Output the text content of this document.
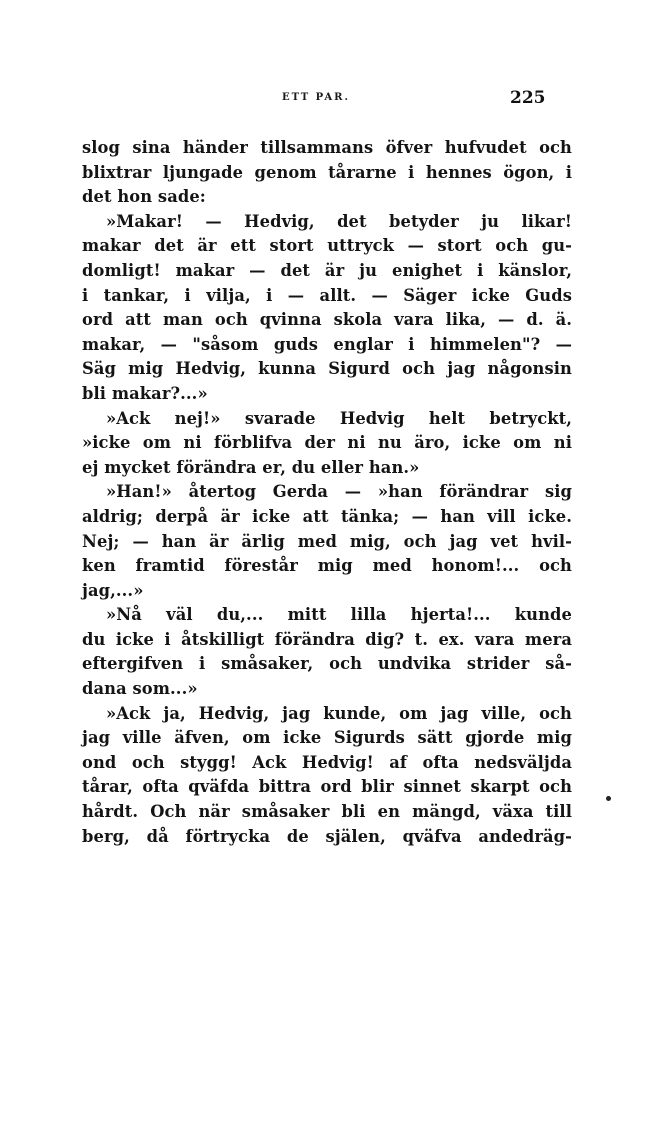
ETT PAR.	225
slog sina händer tillsammans öfver hufvudet och
blixtrar ljungade genom tårarne i hennes ögon, i
det hon sade:
»Makar! — Hedvig, det betyder ju likar!
makar det är ett stort uttryck — stort och gu-
domligt! makar — det är ju enighet i känslor,
i tankar, i vilja, i — allt. — Säger icke Guds
ord att man och qvinna skola vara lika, — d. ä.
makar, — "såsom guds englar i himmelen"? —
Säg mig Hedvig, kunna Sigurd och jag någonsin
bli makar?...»
»Ack nej!» svarade Hedvig helt betryckt,
»icke om ni förblifva der ni nu äro, icke om ni
ej mycket förändra er, du eller han.»
»Han!» återtog Gerda — »han förändrar sig
aldrig; derpå är icke att tänka; — han vill icke.
Nej; — han är ärlig med mig, och jag vet hvil-
ken framtid förestår mig med honom!... och
jag,...»
»Nå väl du,... mitt lilla hjerta!... kunde
du icke i åtskilligt förändra dig? t. ex. vara mera
eftergifven i småsaker, och undvika strider så-
dana som...»
»Ack ja, Hedvig, jag kunde, om jag ville, och
jag ville äfven, om icke Sigurds sätt gjorde mig
ond och stygg! Ack Hedvig! af ofta nedsväljda
tårar, ofta qväfda bittra ord blir sinnet skarpt och
hårdt. Och när småsaker bli en mängd, växa till
berg, då förtrycka de själen, qväfva andedräg-
